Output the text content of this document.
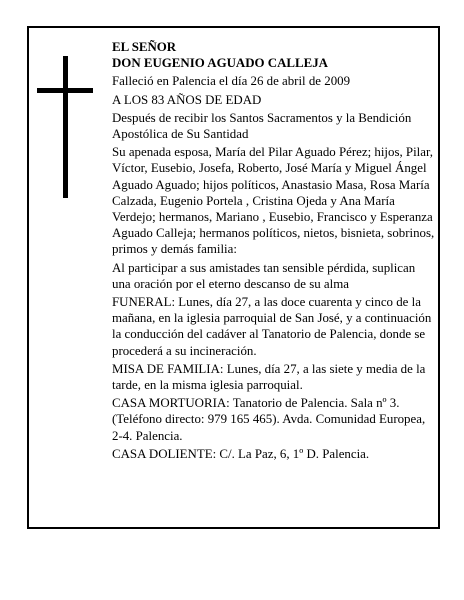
EL SEÑOR
DON EUGENIO AGUADO CALLEJA

Falleció en Palencia el día 26 de abril de 2009

A LOS 83 AÑOS DE EDAD

Después de recibir los Santos Sacramentos y la Bendición Apostólica de Su Santidad

Su apenada esposa, María del Pilar Aguado Pérez; hijos, Pilar, Víctor, Eusebio, Josefa, Roberto, José María y Miguel Ángel Aguado Aguado; hijos políticos, Anastasio Masa, Rosa María Calzada, Eugenio Portela , Cristina Ojeda y Ana María Verdejo; hermanos, Mariano , Eusebio, Francisco y Esperanza Aguado Calleja; hermanos políticos, nietos, bisnieta, sobrinos, primos y demás familia:

Al participar a sus amistades tan sensible pérdida, suplican una oración por el eterno descanso de su alma

FUNERAL: Lunes, día 27, a las doce cuarenta y cinco de la mañana, en la iglesia parroquial de San José, y a continuación la conducción del cadáver al Tanatorio de Palencia, donde se procederá a su incineración.

MISA DE FAMILIA: Lunes, día 27, a las siete y media de la tarde, en la misma iglesia parroquial.

CASA MORTUORIA: Tanatorio de Palencia. Sala nº 3. (Teléfono directo: 979 165 465). Avda. Comunidad Europea, 2-4. Palencia.

CASA DOLIENTE: C/. La Paz, 6, 1º D. Palencia.
